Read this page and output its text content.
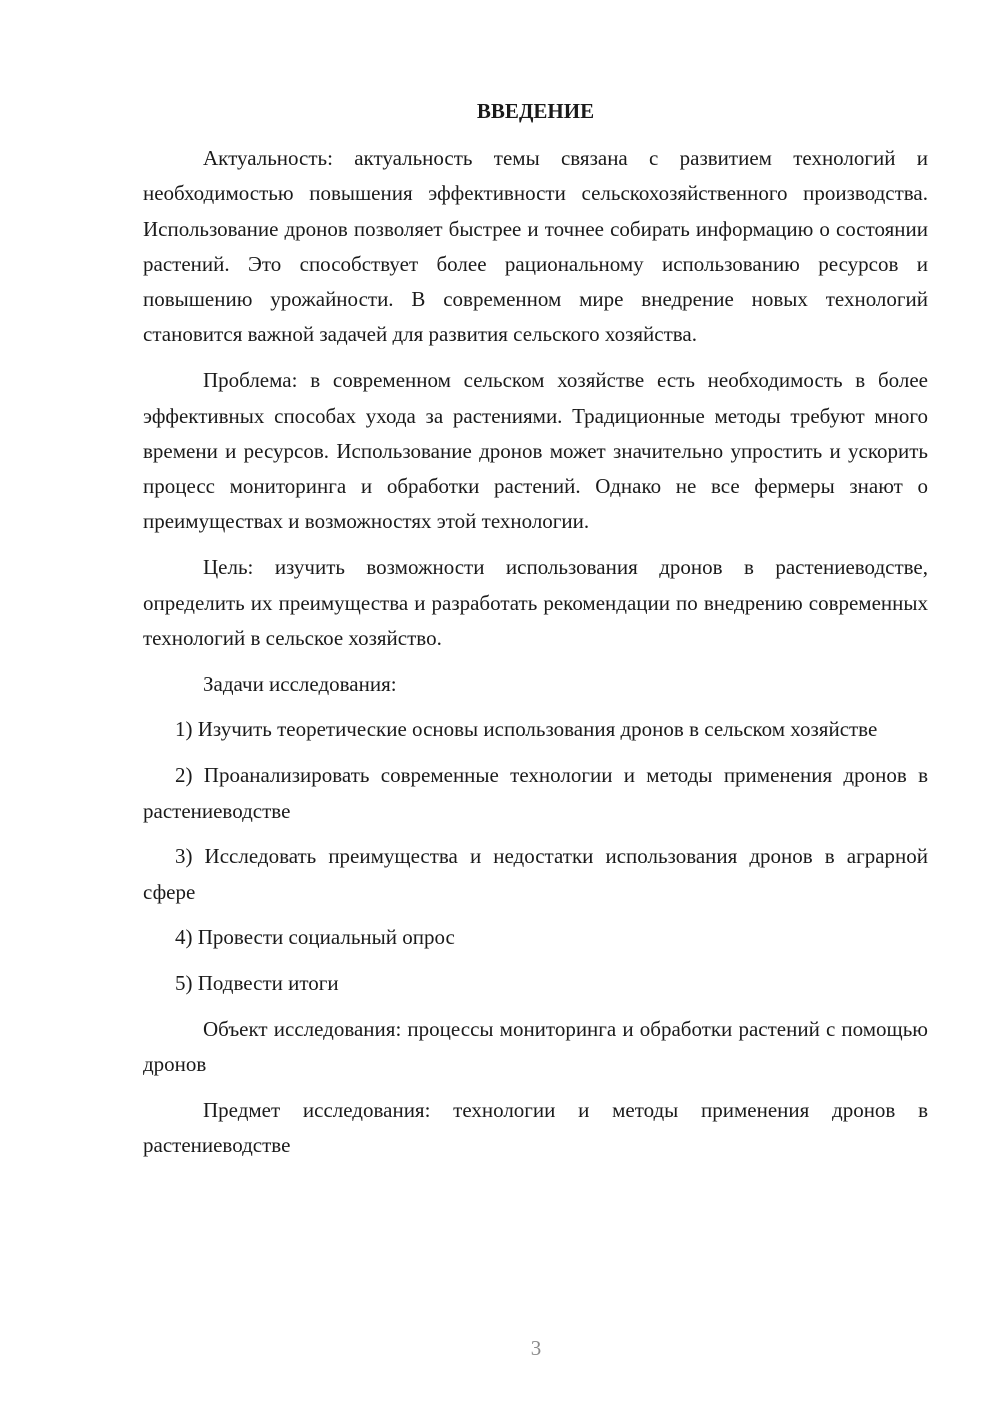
ВВЕДЕНИЕ

Актуальность: актуальность темы связана с развитием технологий и необходимостью повышения эффективности сельскохозяйственного производства. Использование дронов позволяет быстрее и точнее собирать информацию о состоянии растений. Это способствует более рациональному использованию ресурсов и повышению урожайности. В современном мире внедрение новых технологий становится важной задачей для развития сельского хозяйства.

Проблема: в современном сельском хозяйстве есть необходимость в более эффективных способах ухода за растениями. Традиционные методы требуют много времени и ресурсов. Использование дронов может значительно упростить и ускорить процесс мониторинга и обработки растений. Однако не все фермеры знают о преимуществах и возможностях этой технологии.

Цель: изучить возможности использования дронов в растениеводстве, определить их преимущества и разработать рекомендации по внедрению современных технологий в сельское хозяйство.

Задачи исследования:

1) Изучить теоретические основы использования дронов в сельском хозяйстве

2) Проанализировать современные технологии и методы применения дронов в растениеводстве

3) Исследовать преимущества и недостатки использования дронов в аграрной сфере

4) Провести социальный опрос

5) Подвести итоги

Объект исследования: процессы мониторинга и обработки растений с помощью дронов

Предмет исследования: технологии и методы применения дронов в растениеводстве

3
